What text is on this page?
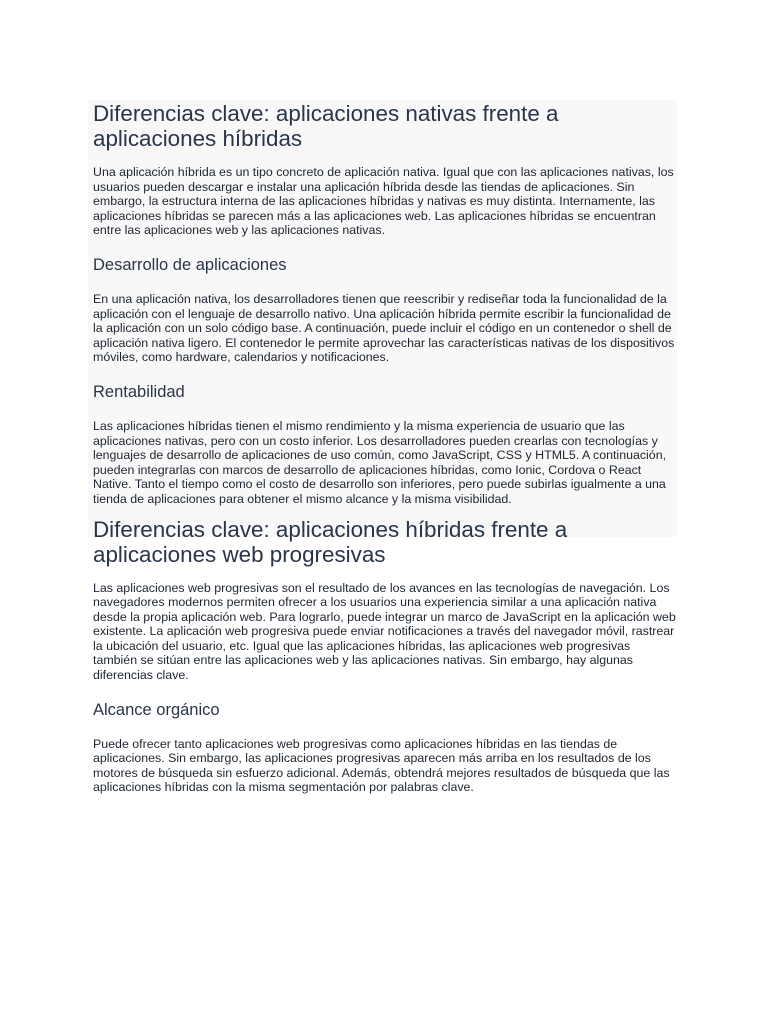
Diferencias clave: aplicaciones nativas frente a aplicaciones híbridas

Una aplicación híbrida es un tipo concreto de aplicación nativa. Igual que con las aplicaciones nativas, los usuarios pueden descargar e instalar una aplicación híbrida desde las tiendas de aplicaciones. Sin embargo, la estructura interna de las aplicaciones híbridas y nativas es muy distinta. Internamente, las aplicaciones híbridas se parecen más a las aplicaciones web. Las aplicaciones híbridas se encuentran entre las aplicaciones web y las aplicaciones nativas.

Desarrollo de aplicaciones

En una aplicación nativa, los desarrolladores tienen que reescribir y rediseñar toda la funcionalidad de la aplicación con el lenguaje de desarrollo nativo. Una aplicación híbrida permite escribir la funcionalidad de la aplicación con un solo código base. A continuación, puede incluir el código en un contenedor o shell de aplicación nativa ligero. El contenedor le permite aprovechar las características nativas de los dispositivos móviles, como hardware, calendarios y notificaciones.

Rentabilidad

Las aplicaciones híbridas tienen el mismo rendimiento y la misma experiencia de usuario que las aplicaciones nativas, pero con un costo inferior. Los desarrolladores pueden crearlas con tecnologías y lenguajes de desarrollo de aplicaciones de uso común, como JavaScript, CSS y HTML5. A continuación, pueden integrarlas con marcos de desarrollo de aplicaciones híbridas, como Ionic, Cordova o React Native. Tanto el tiempo como el costo de desarrollo son inferiores, pero puede subirlas igualmente a una tienda de aplicaciones para obtener el mismo alcance y la misma visibilidad.

Diferencias clave: aplicaciones híbridas frente a aplicaciones web progresivas

Las aplicaciones web progresivas son el resultado de los avances en las tecnologías de navegación. Los navegadores modernos permiten ofrecer a los usuarios una experiencia similar a una aplicación nativa desde la propia aplicación web. Para lograrlo, puede integrar un marco de JavaScript en la aplicación web existente. La aplicación web progresiva puede enviar notificaciones a través del navegador móvil, rastrear la ubicación del usuario, etc. Igual que las aplicaciones híbridas, las aplicaciones web progresivas también se sitúan entre las aplicaciones web y las aplicaciones nativas. Sin embargo, hay algunas diferencias clave.

Alcance orgánico

Puede ofrecer tanto aplicaciones web progresivas como aplicaciones híbridas en las tiendas de aplicaciones. Sin embargo, las aplicaciones progresivas aparecen más arriba en los resultados de los motores de búsqueda sin esfuerzo adicional. Además, obtendrá mejores resultados de búsqueda que las aplicaciones híbridas con la misma segmentación por palabras clave.
